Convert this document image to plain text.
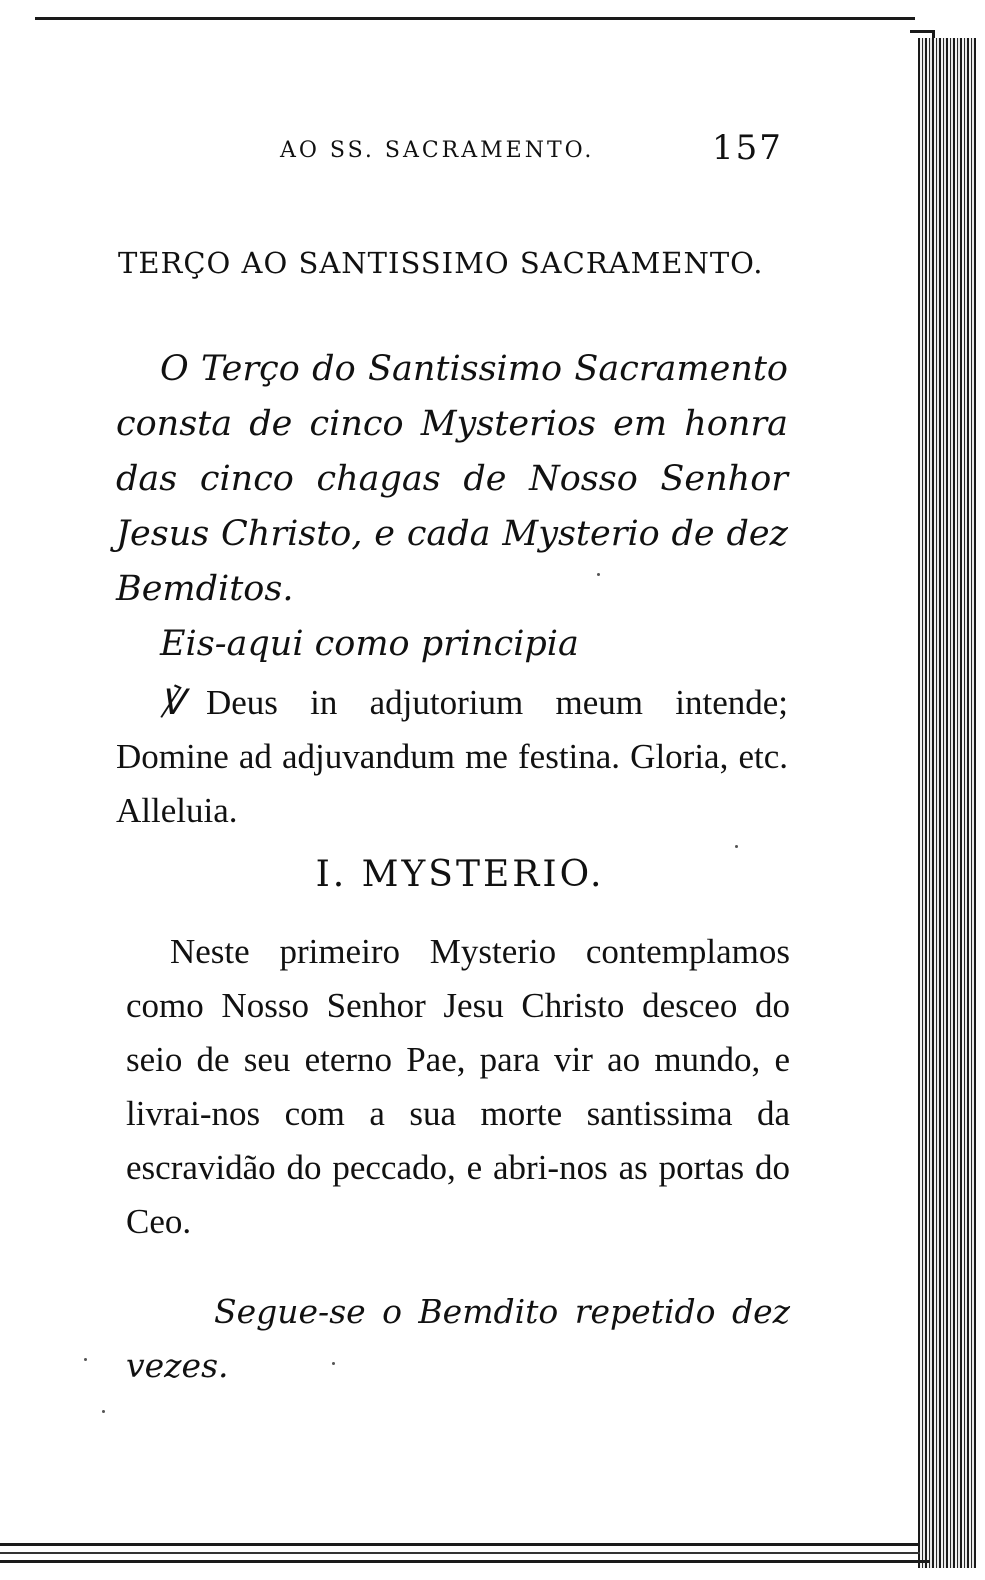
AO SS. SACRAMENTO.	157
TERÇO AO SANTISSIMO SACRAMENTO.

O Terço do Santissimo Sacramento consta de cinco Mysterios em honra das cinco chagas de Nosso Senhor Jesus Christo, e cada Mysterio de dez Bemditos.

Eis-aqui como principia

℣ Deus in adjutorium meum intende; Domine ad adjuvandum me festina. Gloria, etc. Alleluia.

I. MYSTERIO.

Neste primeiro Mysterio contemplamos como Nosso Senhor Jesu Christo desceo do seio de seu eterno Pae, para vir ao mundo, e livrai-nos com a sua morte santissima da escravidão do peccado, e abri-nos as portas do Ceo.

Segue-se o Bemdito repetido dez vezes.
